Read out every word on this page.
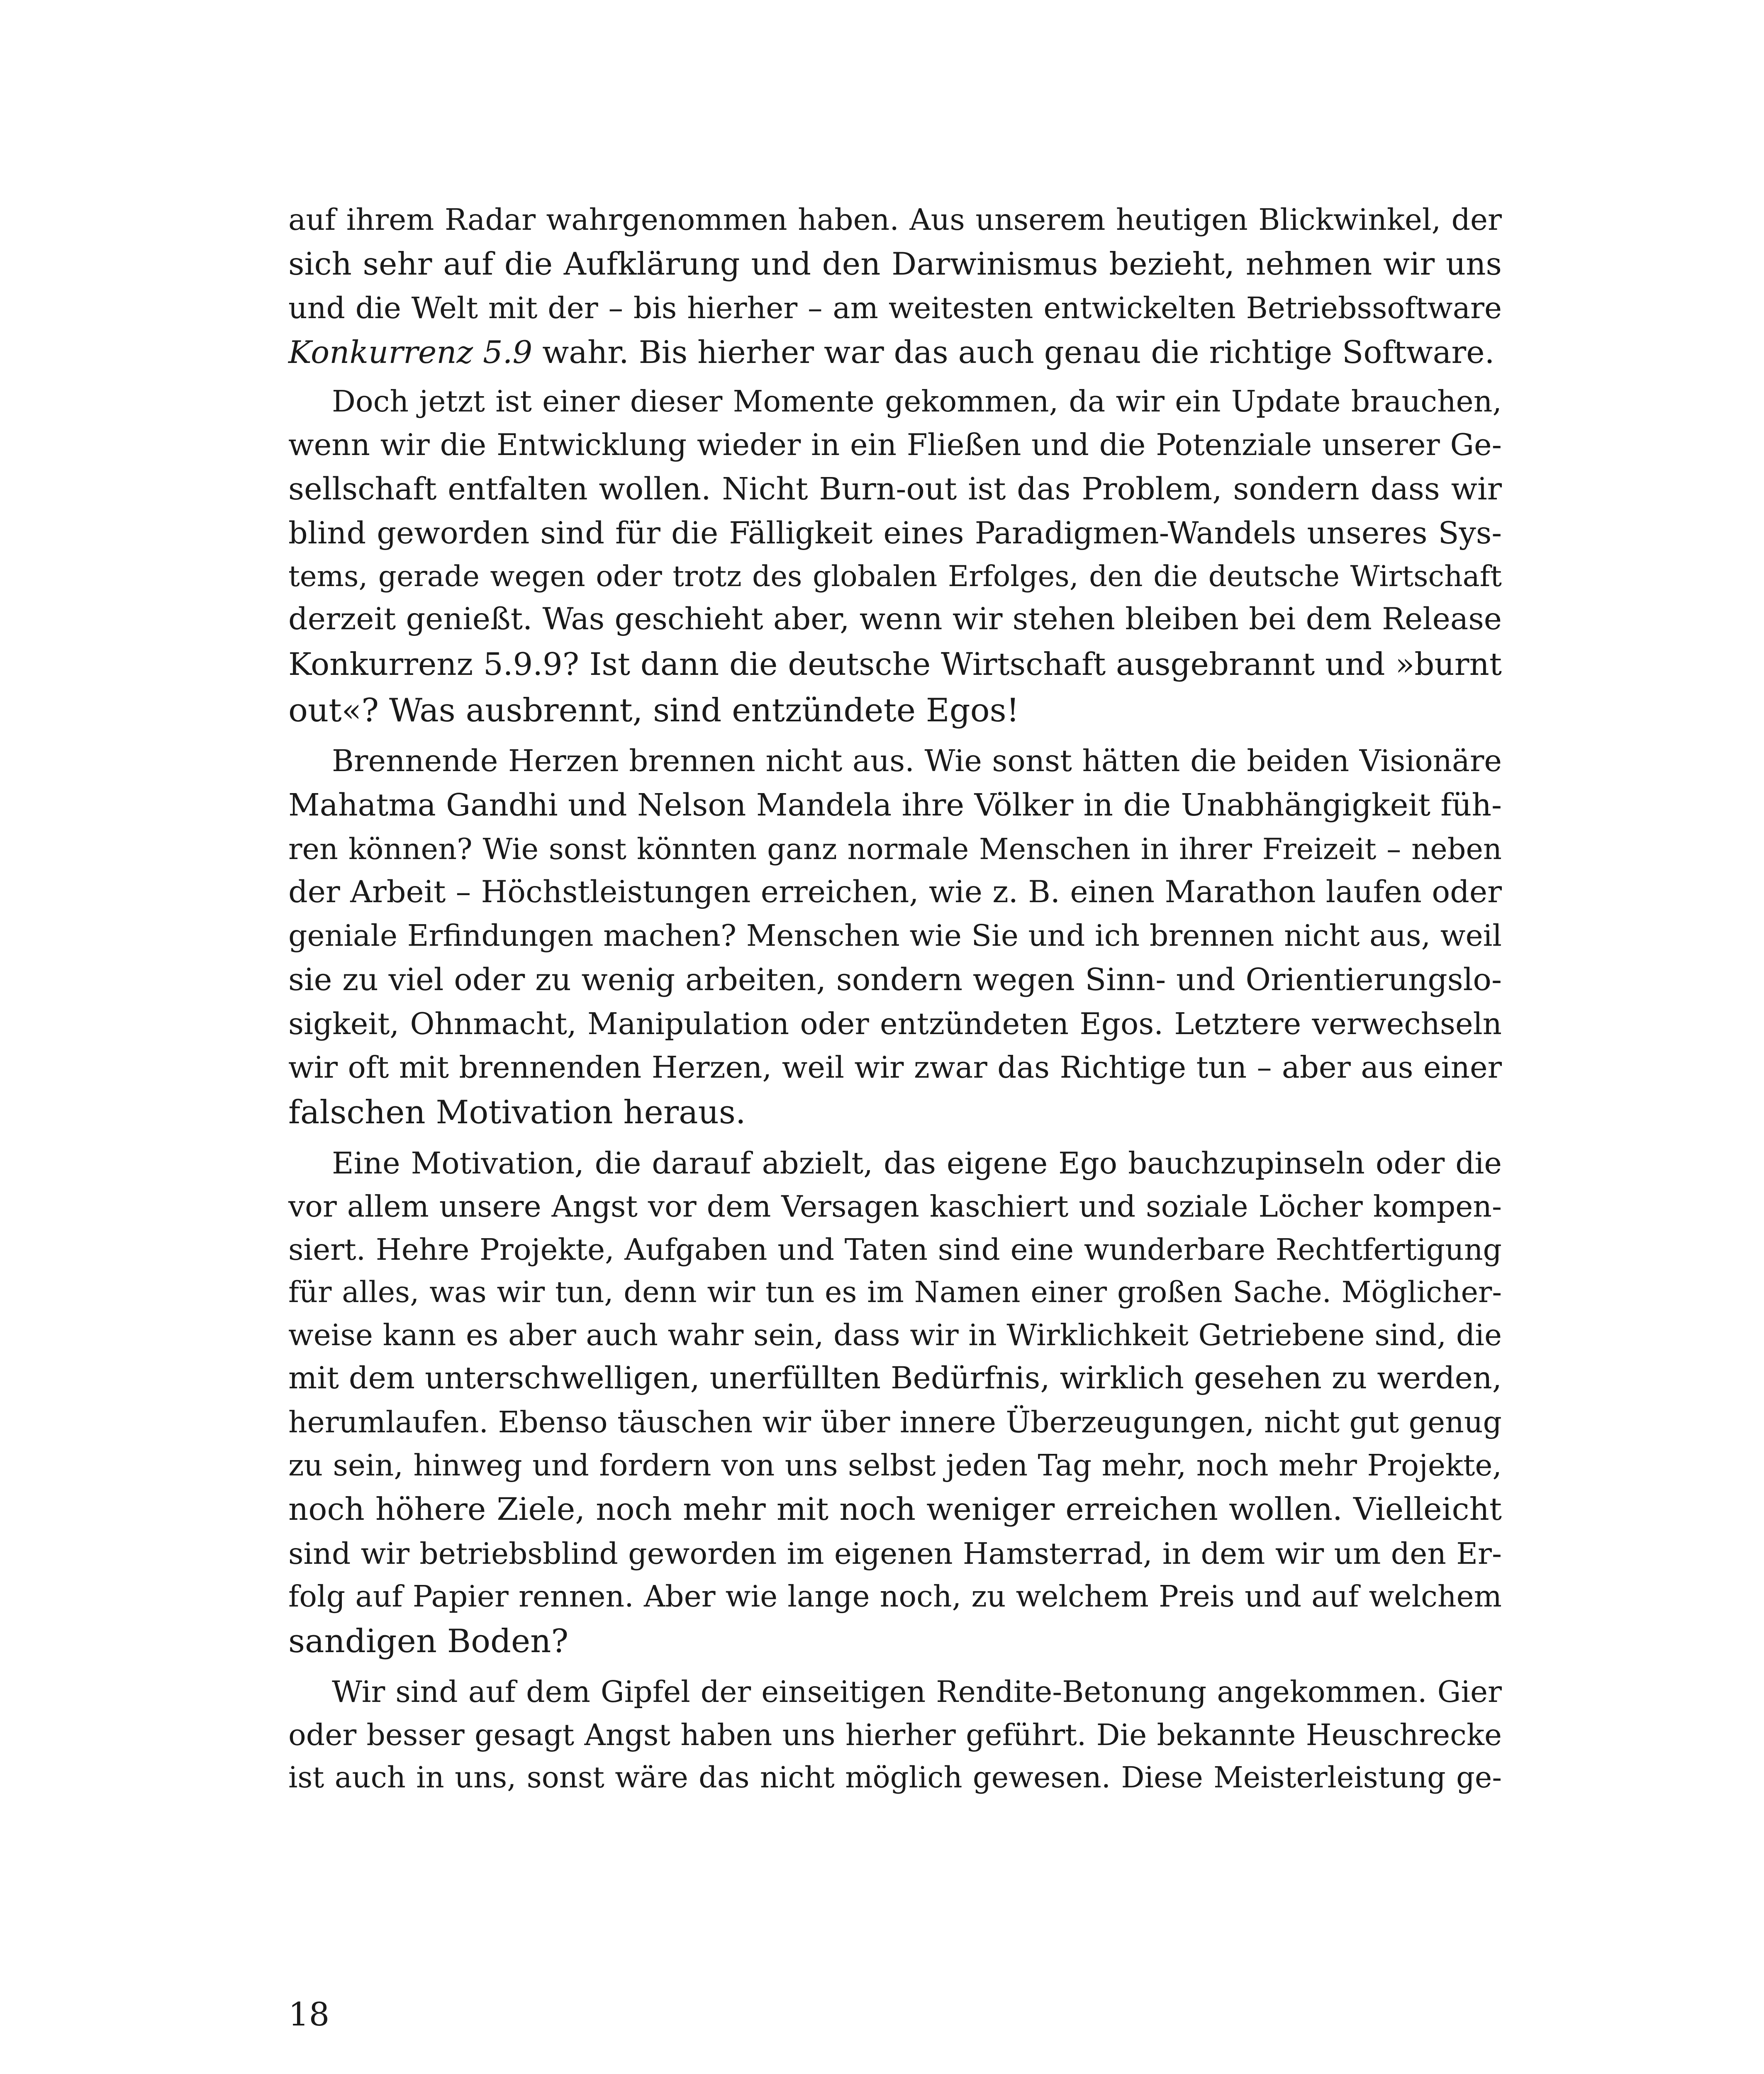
auf ihrem Radar wahrgenommen haben. Aus unserem heutigen Blickwinkel, der
sich sehr auf die Aufklärung und den Darwinismus bezieht, nehmen wir uns
und die Welt mit der – bis hierher – am weitesten entwickelten Betriebssoftware
Konkurrenz 5.9 wahr. Bis hierher war das auch genau die richtige Software.

Doch jetzt ist einer dieser Momente gekommen, da wir ein Update brauchen,
wenn wir die Entwicklung wieder in ein Fließen und die Potenziale unserer Ge-
sellschaft entfalten wollen. Nicht Burn-out ist das Problem, sondern dass wir
blind geworden sind für die Fälligkeit eines Paradigmen-Wandels unseres Sys-
tems, gerade wegen oder trotz des globalen Erfolges, den die deutsche Wirtschaft
derzeit genießt. Was geschieht aber, wenn wir stehen bleiben bei dem Release
Konkurrenz 5.9.9? Ist dann die deutsche Wirtschaft ausgebrannt und »burnt
out«? Was ausbrennt, sind entzündete Egos!

Brennende Herzen brennen nicht aus. Wie sonst hätten die beiden Visionäre
Mahatma Gandhi und Nelson Mandela ihre Völker in die Unabhängigkeit füh-
ren können? Wie sonst könnten ganz normale Menschen in ihrer Freizeit – neben
der Arbeit – Höchstleistungen erreichen, wie z. B. einen Marathon laufen oder
geniale Erfindungen machen? Menschen wie Sie und ich brennen nicht aus, weil
sie zu viel oder zu wenig arbeiten, sondern wegen Sinn- und Orientierungslo-
sigkeit, Ohnmacht, Manipulation oder entzündeten Egos. Letztere verwechseln
wir oft mit brennenden Herzen, weil wir zwar das Richtige tun – aber aus einer
falschen Motivation heraus.

Eine Motivation, die darauf abzielt, das eigene Ego bauchzupinseln oder die
vor allem unsere Angst vor dem Versagen kaschiert und soziale Löcher kompen-
siert. Hehre Projekte, Aufgaben und Taten sind eine wunderbare Rechtfertigung
für alles, was wir tun, denn wir tun es im Namen einer großen Sache. Möglicher-
weise kann es aber auch wahr sein, dass wir in Wirklichkeit Getriebene sind, die
mit dem unterschwelligen, unerfüllten Bedürfnis, wirklich gesehen zu werden,
herumlaufen. Ebenso täuschen wir über innere Überzeugungen, nicht gut genug
zu sein, hinweg und fordern von uns selbst jeden Tag mehr, noch mehr Projekte,
noch höhere Ziele, noch mehr mit noch weniger erreichen wollen. Vielleicht
sind wir betriebsblind geworden im eigenen Hamsterrad, in dem wir um den Er-
folg auf Papier rennen. Aber wie lange noch, zu welchem Preis und auf welchem
sandigen Boden?

Wir sind auf dem Gipfel der einseitigen Rendite-Betonung angekommen. Gier
oder besser gesagt Angst haben uns hierher geführt. Die bekannte Heuschrecke
ist auch in uns, sonst wäre das nicht möglich gewesen. Diese Meisterleistung ge-

18
